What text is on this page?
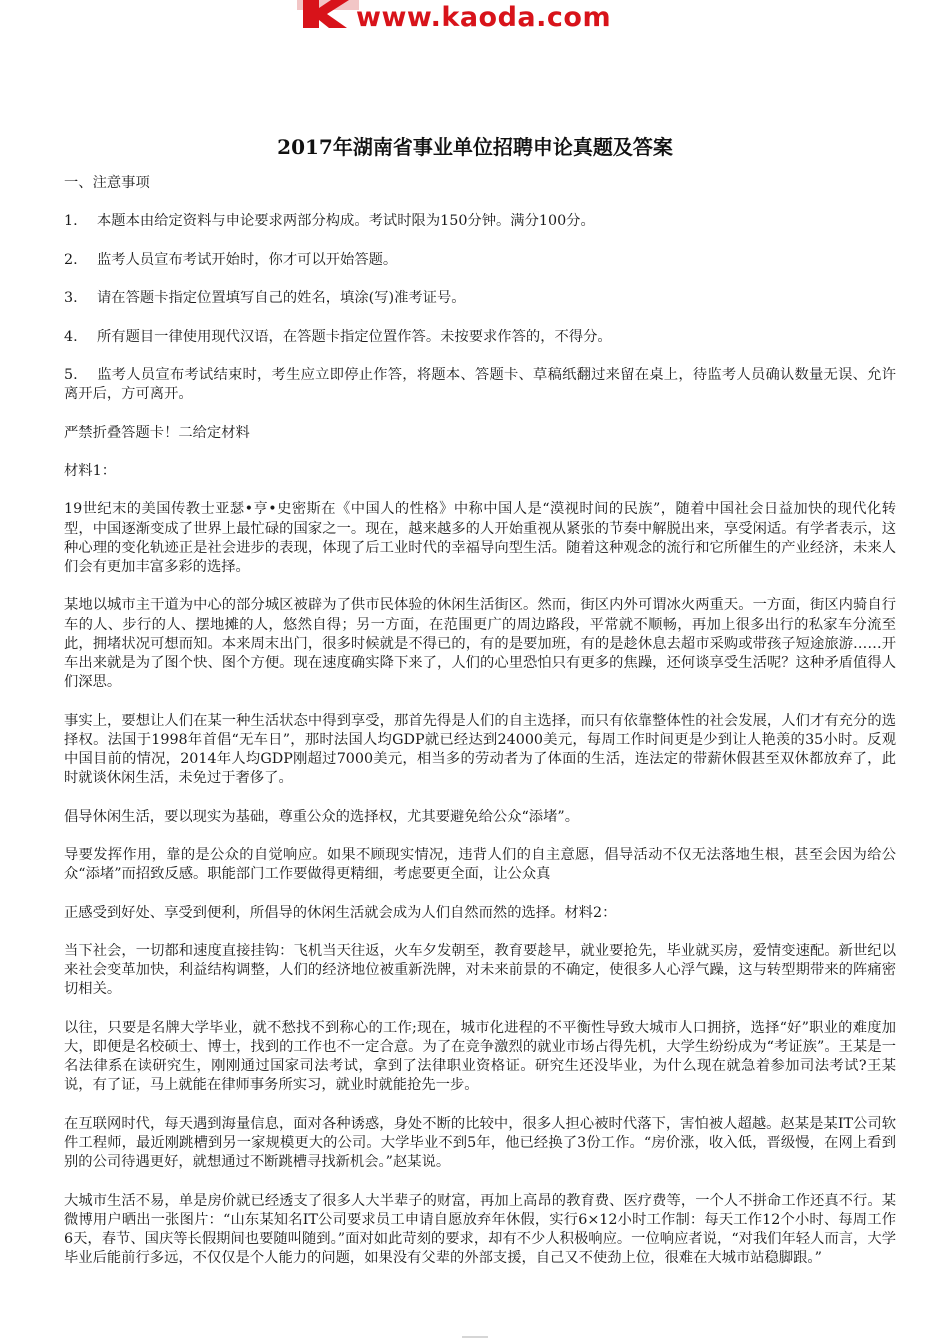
www.kaoda.com
2017年湖南省事业单位招聘申论真题及答案

一、注意事项

1. 本题本由给定资料与申论要求两部分构成。考试时限为150分钟。满分100分。

2. 监考人员宣布考试开始时，你才可以开始答题。

3. 请在答题卡指定位置填写自己的姓名，填涂(写)准考证号。

4. 所有题目一律使用现代汉语，在答题卡指定位置作答。未按要求作答的，不得分。

5. 监考人员宣布考试结束时，考生应立即停止作答，将题本、答题卡、草稿纸翻过来留在桌上，待监考人员确认数量无误、允许离开后，方可离开。

严禁折叠答题卡！二给定材料

材料1：

19世纪末的美国传教士亚瑟•亨•史密斯在《中国人的性格》中称中国人是“漠视时间的民族”，随着中国社会日益加快的现代化转型，中国逐渐变成了世界上最忙碌的国家之一。现在，越来越多的人开始重视从紧张的节奏中解脱出来，享受闲适。有学者表示，这种心理的变化轨迹正是社会进步的表现，体现了后工业时代的幸福导向型生活。随着这种观念的流行和它所催生的产业经济，未来人们会有更加丰富多彩的选择。

某地以城市主干道为中心的部分城区被辟为了供市民体验的休闲生活街区。然而，街区内外可谓冰火两重天。一方面，街区内骑自行车的人、步行的人、摆地摊的人，悠然自得；另一方面，在范围更广的周边路段，平常就不顺畅，再加上很多出行的私家车分流至此，拥堵状况可想而知。本来周末出门，很多时候就是不得已的，有的是要加班，有的是趁休息去超市采购或带孩子短途旅游……开车出来就是为了图个快、图个方便。现在速度确实降下来了，人们的心里恐怕只有更多的焦躁，还何谈享受生活呢？这种矛盾值得人们深思。

事实上，要想让人们在某一种生活状态中得到享受，那首先得是人们的自主选择，而只有依靠整体性的社会发展，人们才有充分的选择权。法国于1998年首倡“无车日”，那时法国人均GDP就已经达到24000美元，每周工作时间更是少到让人艳羡的35小时。反观中国目前的情况，2014年人均GDP刚超过7000美元，相当多的劳动者为了体面的生活，连法定的带薪休假甚至双休都放弃了，此时就谈休闲生活，未免过于奢侈了。

倡导休闲生活，要以现实为基础，尊重公众的选择权，尤其要避免给公众“添堵”。

导要发挥作用，靠的是公众的自觉响应。如果不顾现实情况，违背人们的自主意愿，倡导活动不仅无法落地生根，甚至会因为给公众“添堵”而招致反感。职能部门工作要做得更精细，考虑要更全面，让公众真

正感受到好处、享受到便利，所倡导的休闲生活就会成为人们自然而然的选择。材料2：

当下社会，一切都和速度直接挂钩：飞机当天往返，火车夕发朝至，教育要趁早，就业要抢先，毕业就买房，爱情变速配。新世纪以来社会变革加快，利益结构调整，人们的经济地位被重新洗牌，对未来前景的不确定，使很多人心浮气躁，这与转型期带来的阵痛密切相关。

以往，只要是名牌大学毕业，就不愁找不到称心的工作;现在，城市化进程的不平衡性导致大城市人口拥挤，选择“好”职业的难度加大，即便是名校硕士、博士，找到的工作也不一定合意。为了在竞争激烈的就业市场占得先机，大学生纷纷成为“考证族”。王某是一名法律系在读研究生，刚刚通过国家司法考试，拿到了法律职业资格证。研究生还没毕业，为什么现在就急着参加司法考试?王某说，有了证，马上就能在律师事务所实习，就业时就能抢先一步。

在互联网时代，每天遇到海量信息，面对各种诱惑，身处不断的比较中，很多人担心被时代落下，害怕被人超越。赵某是某IT公司软件工程师，最近刚跳槽到另一家规模更大的公司。大学毕业不到5年，他已经换了3份工作。“房价涨，收入低，晋级慢，在网上看到别的公司待遇更好，就想通过不断跳槽寻找新机会。”赵某说。

大城市生活不易，单是房价就已经透支了很多人大半辈子的财富，再加上高昂的教育费、医疗费等，一个人不拼命工作还真不行。某微博用户晒出一张图片：“山东某知名IT公司要求员工申请自愿放弃年休假，实行6×12小时工作制：每天工作12个小时、每周工作6天，春节、国庆等长假期间也要随叫随到。”面对如此苛刻的要求，却有不少人积极响应。一位响应者说，“对我们年轻人而言，大学毕业后能前行多远，不仅仅是个人能力的问题，如果没有父辈的外部支援，自己又不使劲上位，很难在大城市站稳脚跟。”
